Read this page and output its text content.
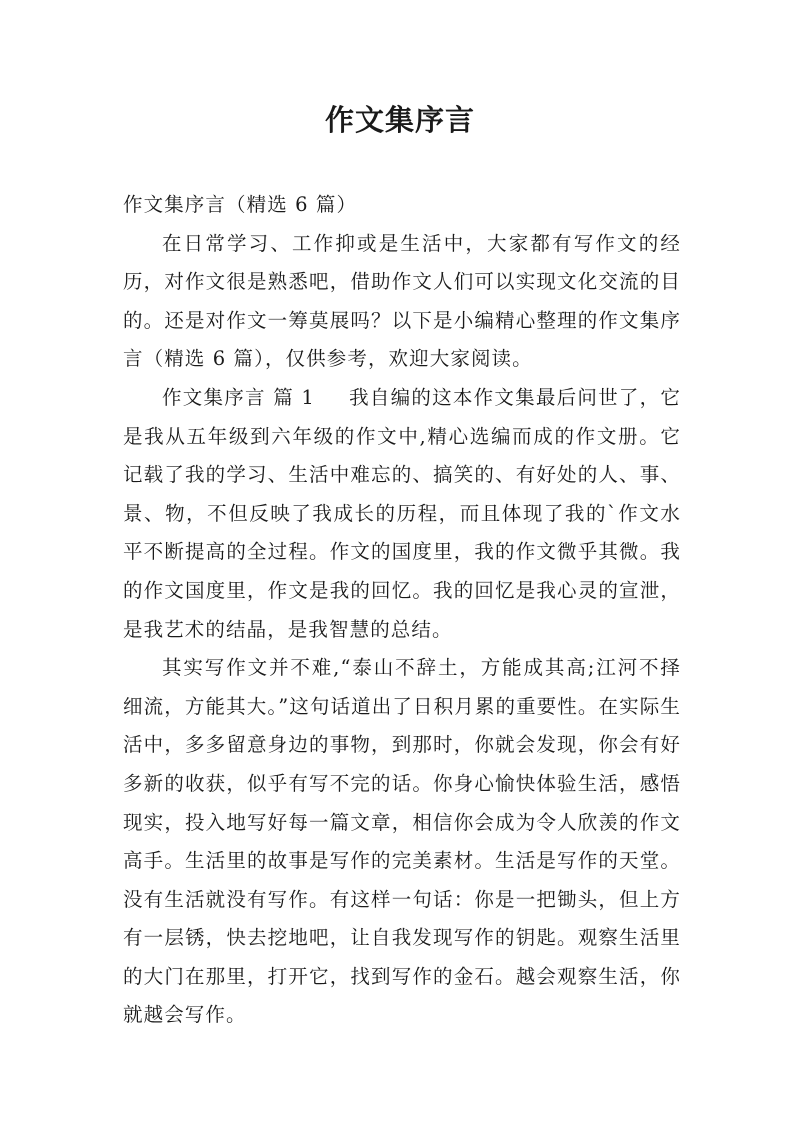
作文集序言

作文集序言（精选 6 篇）

在日常学习、工作抑或是生活中，大家都有写作文的经历，对作文很是熟悉吧，借助作文人们可以实现文化交流的目的。还是对作文一筹莫展吗？以下是小编精心整理的作文集序言（精选 6 篇），仅供参考，欢迎大家阅读。

作文集序言 篇 1 我自编的这本作文集最后问世了，它是我从五年级到六年级的作文中,精心选编而成的作文册。它记载了我的学习、生活中难忘的、搞笑的、有好处的人、事、景、物，不但反映了我成长的历程，而且体现了我的`作文水平不断提高的全过程。作文的国度里，我的作文微乎其微。我的作文国度里，作文是我的回忆。我的回忆是我心灵的宣泄，是我艺术的结晶，是我智慧的总结。

其实写作文并不难,“泰山不辞土，方能成其高;江河不择细流，方能其大。”这句话道出了日积月累的重要性。在实际生活中，多多留意身边的事物，到那时，你就会发现，你会有好多新的收获，似乎有写不完的话。你身心愉快体验生活，感悟现实，投入地写好每一篇文章，相信你会成为令人欣羡的作文高手。生活里的故事是写作的完美素材。生活是写作的天堂。没有生活就没有写作。有这样一句话：你是一把锄头，但上方有一层锈，快去挖地吧，让自我发现写作的钥匙。观察生活里的大门在那里，打开它，找到写作的金石。越会观察生活，你就越会写作。
